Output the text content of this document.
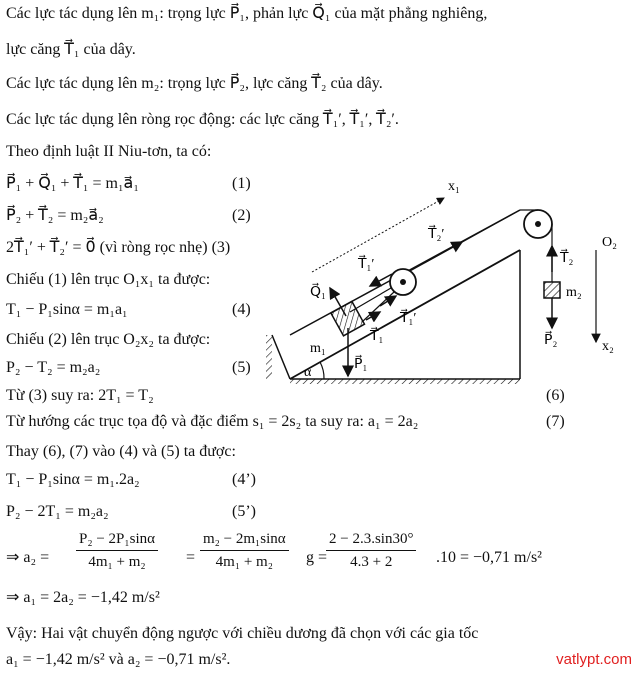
Các lực tác dụng lên m₁: trọng lực P⃗₁, phản lực Q⃗₁ của mặt phẳng nghiêng,
lực căng T⃗₁ của dây.
Các lực tác dụng lên m₂: trọng lực P⃗₂, lực căng T⃗₂ của dây.
Các lực tác dụng lên ròng rọc động: các lực căng T⃗₁′, T⃗₁′, T⃗₂′.
Theo định luật II Niu-tơn, ta có:
P⃗₁ + Q⃗₁ + T⃗₁ = m₁a⃗₁	(1)
P⃗₂ + T⃗₂ = m₂a⃗₂	(2)
2T⃗₁′ + T⃗₂′ = 0⃗ (vì ròng rọc nhẹ) (3)
Chiếu (1) lên trục O₁x₁ ta được:
T₁ − P₁sinα = m₁a₁	(4)
Chiếu (2) lên trục O₂x₂ ta được:
P₂ − T₂ = m₂a₂	(5)
Từ (3) suy ra: 2T₁ = T₂	(6)
Từ hướng các trục tọa độ và đặc điểm s₁ = 2s₂ ta suy ra: a₁ = 2a₂	(7)
Thay (6), (7) vào (4) và (5) ta được:
T₁ − P₁sinα = m₁.2a₂	(4’)
P₂ − 2T₁ = m₂a₂	(5’)
⇒ $a_2 = \frac{\text{P₂ − 2P₁sinα}}{\text{4m₁ + m₂}} = \frac{\text{m₂ − 2m₁sinα}}{\text{4m₁ + m₂}}$ g =
$\frac{2 - 2.3.\sin 30^\circ}{4.3 + 2} .10 = -0,71$ m/s²
⇒ a₁ = 2a₂ = −1,42 m/s²
Vậy: Hai vật chuyển động ngược với chiều dương đã chọn với các gia tốc
a₁ = −1,42 m/s² và a₂ = −0,71 m/s².	vatlypt.com
m₂
T⃗₂
P⃗₂
O₂
x₂
x₁
T⃗₂′
T⃗₁′
T⃗₁′
m₁
T⃗₁
Q⃗₁
P⃗₁
α
